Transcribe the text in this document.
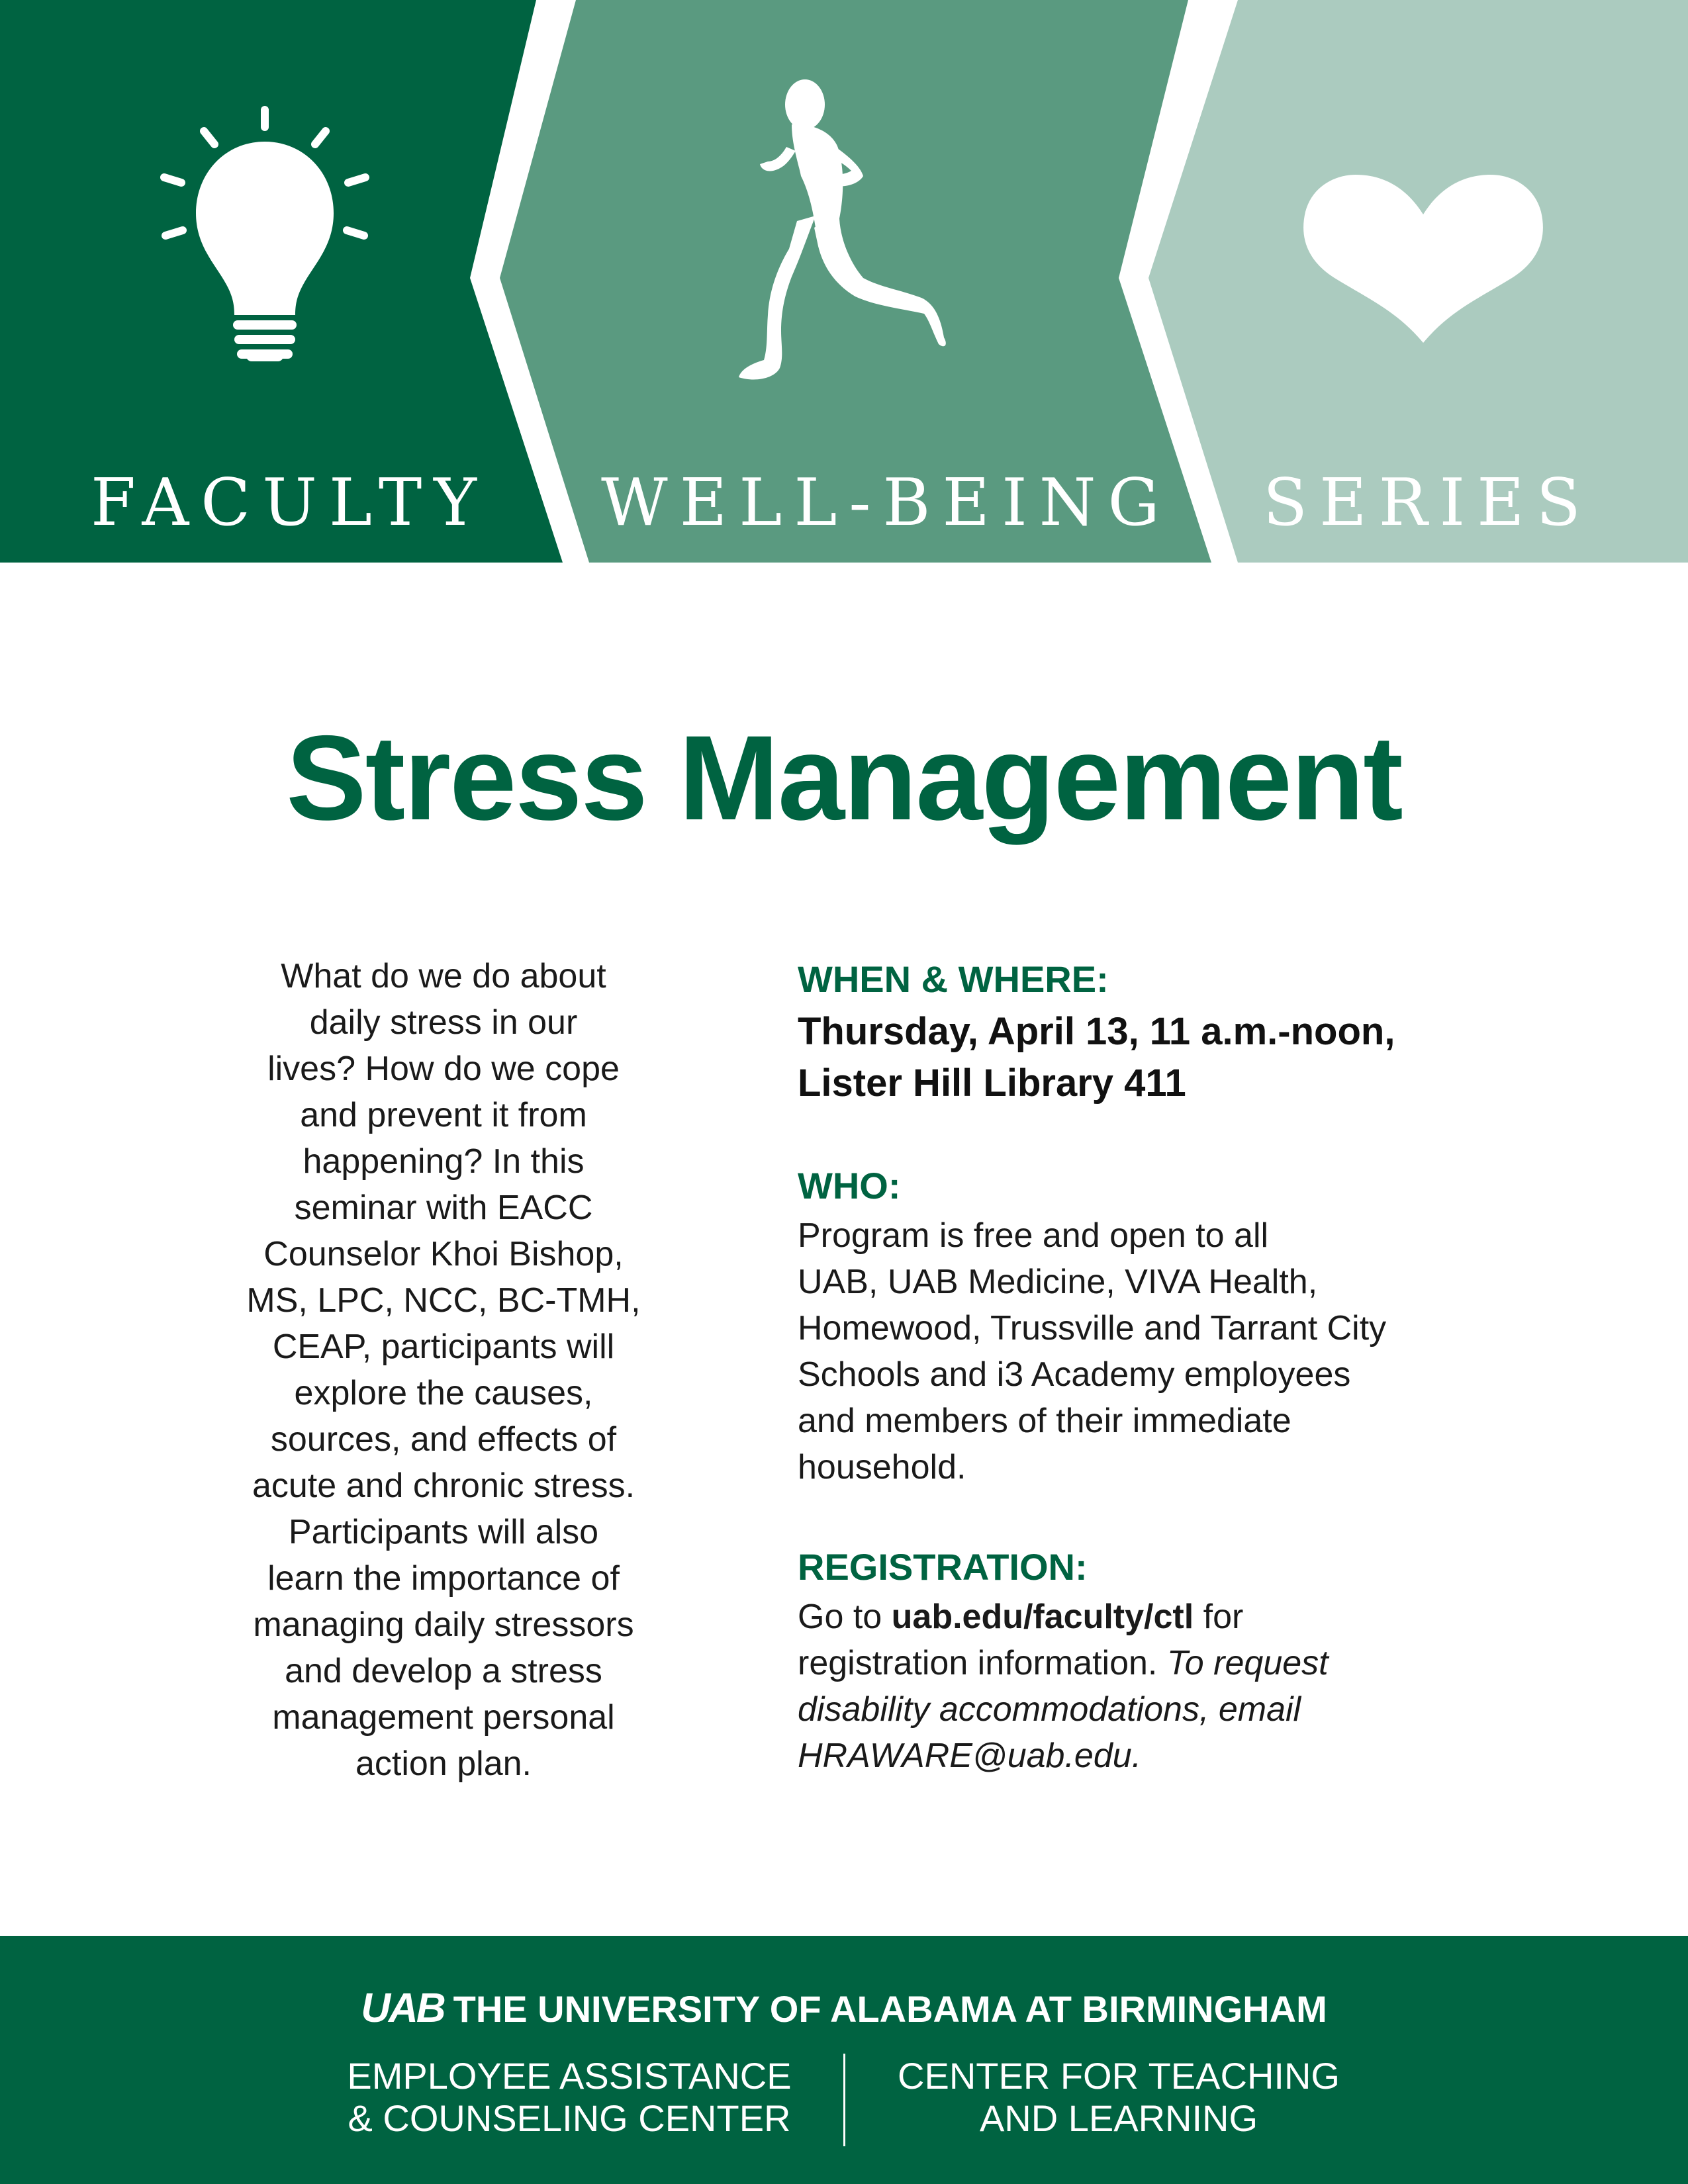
FACULTY WELL-BEING SERIES
Stress Management
What do we do about
daily stress in our
lives? How do we cope
and prevent it from
happening? In this
seminar with EACC
Counselor Khoi Bishop,
MS, LPC, NCC, BC-TMH,
CEAP, participants will
explore the causes,
sources, and effects of
acute and chronic stress.
Participants will also
learn the importance of
managing daily stressors
and develop a stress
management personal
action plan.
WHEN & WHERE:
Thursday, April 13, 11 a.m.-noon,
Lister Hill Library 411
WHO:
Program is free and open to all
UAB, UAB Medicine, VIVA Health,
Homewood, Trussville and Tarrant City
Schools and i3 Academy employees
and members of their immediate
household.
REGISTRATION:
Go to uab.edu/faculty/ctl for
registration information. To request
disability accommodations, email
HRAWARE@uab.edu.
UAB THE UNIVERSITY OF ALABAMA AT BIRMINGHAM
EMPLOYEE ASSISTANCE
& COUNSELING CENTER
CENTER FOR TEACHING
AND LEARNING
